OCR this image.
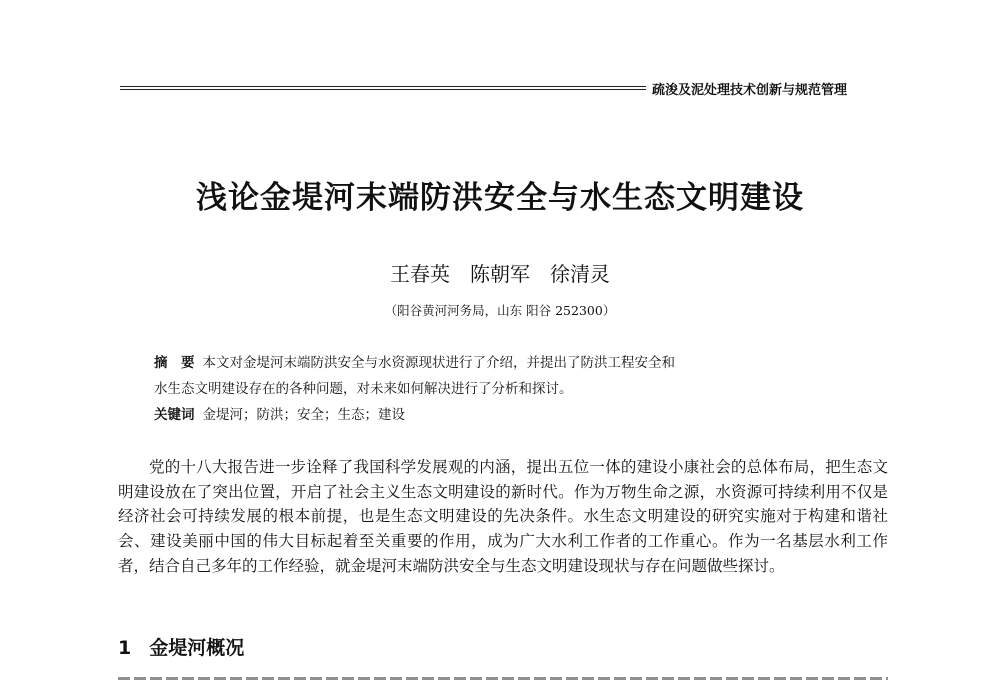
疏浚及泥处理技术创新与规范管理
浅论金堤河末端防洪安全与水生态文明建设
王春英　陈朝军　徐清灵
（阳谷黄河河务局，山东 阳谷 252300）
摘　要 本文对金堤河末端防洪安全与水资源现状进行了介绍，并提出了防洪工程安全和
水生态文明建设存在的各种问题，对未来如何解决进行了分析和探讨。
关键词 金堤河；防洪；安全；生态；建设

党的十八大报告进一步诠释了我国科学发展观的内涵，提出五位一体的建设小康社会的总体布局，把生态文明建设放在了突出位置，开启了社会主义生态文明建设的新时代。作为万物生命之源，水资源可持续利用不仅是经济社会可持续发展的根本前提，也是生态文明建设的先决条件。水生态文明建设的研究实施对于构建和谐社会、建设美丽中国的伟大目标起着至关重要的作用，成为广大水利工作者的工作重心。作为一名基层水利工作者，结合自己多年的工作经验，就金堤河末端防洪安全与生态文明建设现状与存在问题做些探讨。

1 金堤河概况
